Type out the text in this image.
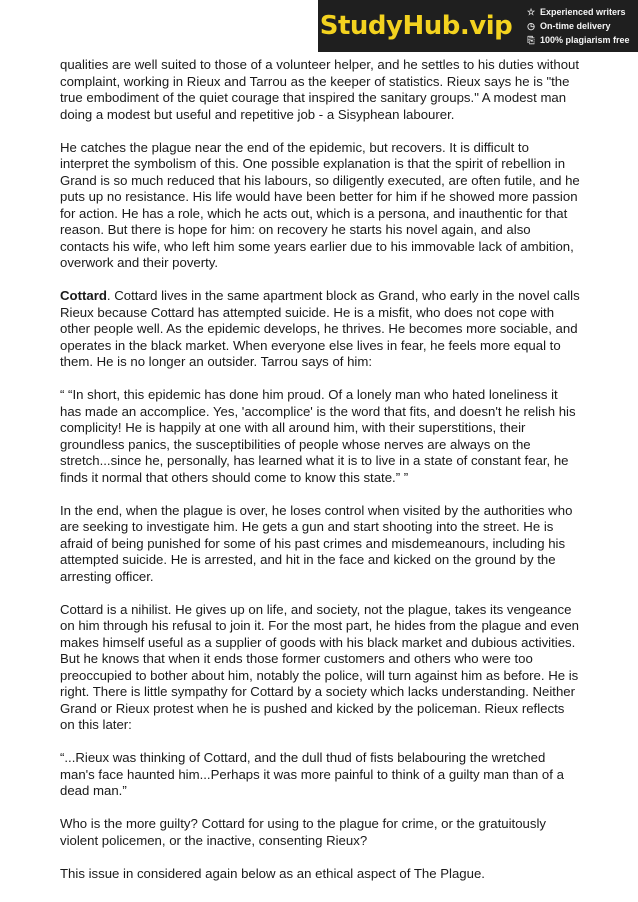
StudyHub.vip ☆ Experienced writers
◷ On-time delivery
⎘ 100% plagiarism free

qualities are well suited to those of a volunteer helper, and he settles to his duties without complaint, working in Rieux and Tarrou as the keeper of statistics. Rieux says he is "the true embodiment of the quiet courage that inspired the sanitary groups." A modest man doing a modest but useful and repetitive job - a Sisyphean labourer.

He catches the plague near the end of the epidemic, but recovers. It is difficult to interpret the symbolism of this. One possible explanation is that the spirit of rebellion in Grand is so much reduced that his labours, so diligently executed, are often futile, and he puts up no resistance. His life would have been better for him if he showed more passion for action. He has a role, which he acts out, which is a persona, and inauthentic for that reason. But there is hope for him: on recovery he starts his novel again, and also contacts his wife, who left him some years earlier due to his immovable lack of ambition, overwork and their poverty.

Cottard. Cottard lives in the same apartment block as Grand, who early in the novel calls Rieux because Cottard has attempted suicide. He is a misfit, who does not cope with other people well. As the epidemic develops, he thrives. He becomes more sociable, and operates in the black market. When everyone else lives in fear, he feels more equal to them. He is no longer an outsider. Tarrou says of him:

“ “In short, this epidemic has done him proud. Of a lonely man who hated loneliness it has made an accomplice. Yes, 'accomplice' is the word that fits, and doesn't he relish his complicity! He is happily at one with all around him, with their superstitions, their groundless panics, the susceptibilities of people whose nerves are always on the stretch...since he, personally, has learned what it is to live in a state of constant fear, he finds it normal that others should come to know this state.” ”

In the end, when the plague is over, he loses control when visited by the authorities who are seeking to investigate him. He gets a gun and start shooting into the street. He is afraid of being punished for some of his past crimes and misdemeanours, including his attempted suicide. He is arrested, and hit in the face and kicked on the ground by the arresting officer.

Cottard is a nihilist. He gives up on life, and society, not the plague, takes its vengeance on him through his refusal to join it. For the most part, he hides from the plague and even makes himself useful as a supplier of goods with his black market and dubious activities. But he knows that when it ends those former customers and others who were too preoccupied to bother about him, notably the police, will turn against him as before. He is right. There is little sympathy for Cottard by a society which lacks understanding. Neither Grand or Rieux protest when he is pushed and kicked by the policeman. Rieux reflects on this later:

“...Rieux was thinking of Cottard, and the dull thud of fists belabouring the wretched man's face haunted him...Perhaps it was more painful to think of a guilty man than of a dead man.”

Who is the more guilty? Cottard for using to the plague for crime, or the gratuitously violent policemen, or the inactive, consenting Rieux?

This issue in considered again below as an ethical aspect of The Plague.
